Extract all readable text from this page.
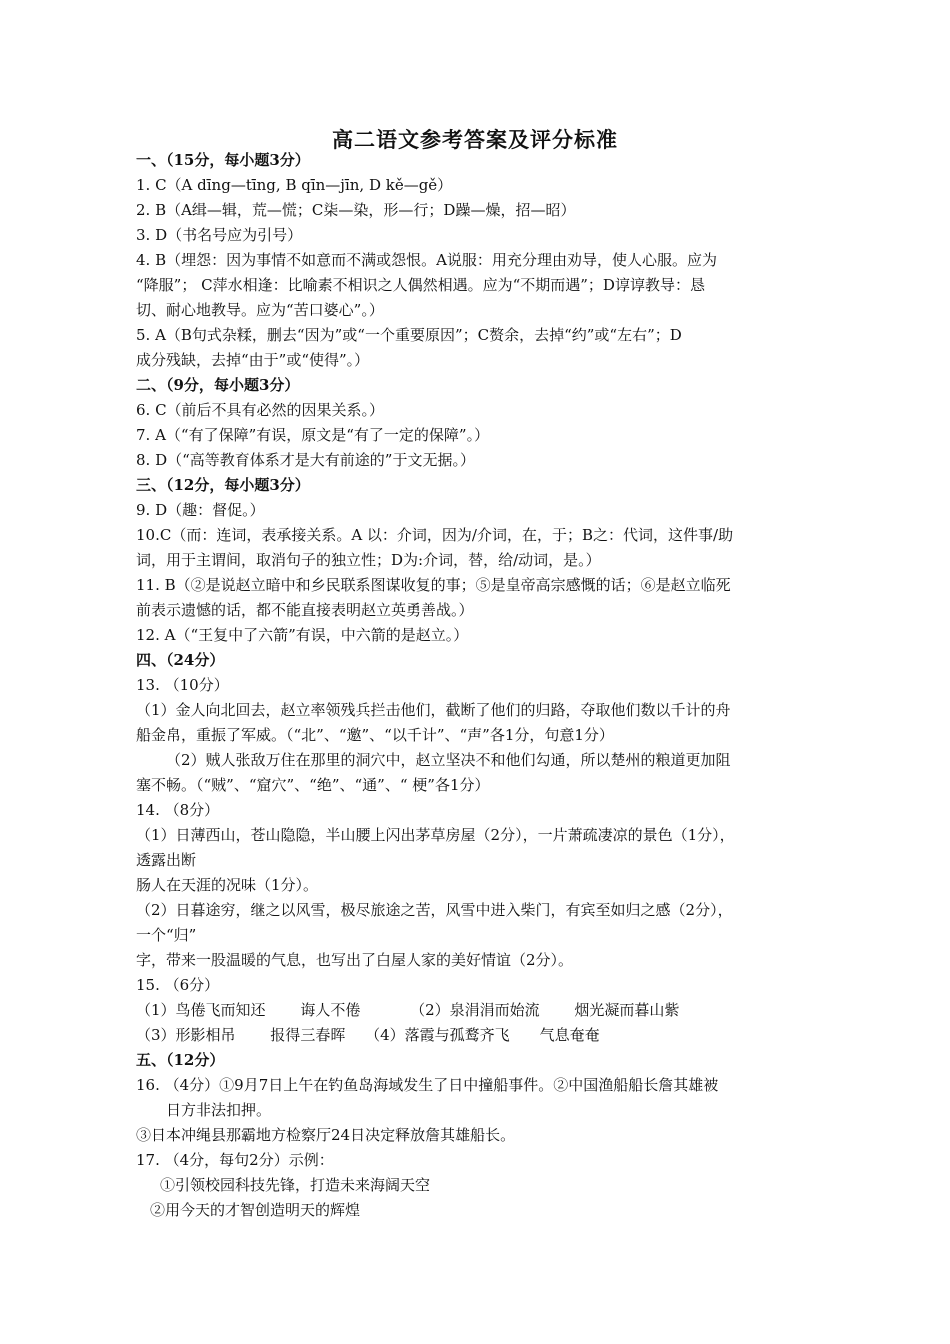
高二语文参考答案及评分标准
一、（15分，每小题3分）
1. C（A dīng—tīng, B qīn—jīn, D kě—gě）
2. B（A缉—辑，荒—慌；C柒—染，形—行；D躁—燥，招—昭）
3. D（书名号应为引号）
4. B（埋怨：因为事情不如意而不满或怨恨。A说服：用充分理由劝导，使人心服。应为
“降服”； C萍水相逢：比喻素不相识之人偶然相遇。应为“不期而遇”；D谆谆教导：恳
切、耐心地教导。应为“苦口婆心”。）
5. A（B句式杂糅，删去“因为”或“一个重要原因”；C赘余，去掉“约”或“左右”；D
成分残缺，去掉“由于”或“使得”。）
二、（9分，每小题3分）
6. C（前后不具有必然的因果关系。）
7. A（“有了保障”有误，原文是“有了一定的保障”。）
8. D（“高等教育体系才是大有前途的”于文无据。）
三、（12分，每小题3分）
9. D（趣：督促。）
10.C（而：连词，表承接关系。A 以：介词，因为/介词，在，于；B之：代词，这件事/助
词，用于主谓间，取消句子的独立性；D为:介词，替，给/动词，是。）
11. B（②是说赵立暗中和乡民联系图谋收复的事；⑤是皇帝高宗感慨的话；⑥是赵立临死
前表示遗憾的话，都不能直接表明赵立英勇善战。）
12. A（“王复中了六箭”有误，中六箭的是赵立。）
四、（24分）
13. （10分）
（1）金人向北回去，赵立率领残兵拦击他们，截断了他们的归路，夺取他们数以千计的舟
船金帛，重振了军威。（“北”、“邀”、“以千计”、“声”各1分，句意1分）
（2）贼人张敌万住在那里的洞穴中，赵立坚决不和他们勾通，所以楚州的粮道更加阻
塞不畅。（“贼”、“窟穴”、“绝”、“通”、“ 梗”各1分）
14. （8分）
（1）日薄西山，苍山隐隐，半山腰上闪出茅草房屋（2分），一片萧疏凄凉的景色（1分），
透露出断
肠人在天涯的况味（1分）。
（2）日暮途穷，继之以风雪，极尽旅途之苦，风雪中进入柴门，有宾至如归之感（2分），
一个“归”
字，带来一股温暖的气息，也写出了白屋人家的美好情谊（2分）。
15. （6分）
（1）鸟倦飞而知还　　 诲人不倦　　　 （2）泉涓涓而始流　　 烟光凝而暮山紫
（3）形影相吊　　 报得三春晖　 （4）落霞与孤鹜齐飞　　气息奄奄
五、（12分）
16. （4分）①9月7日上午在钓鱼岛海域发生了日中撞船事件。②中国渔船船长詹其雄被
日方非法扣押。
③日本冲绳县那霸地方检察厅24日决定释放詹其雄船长。
17. （4分，每句2分）示例：
①引领校园科技先锋，打造未来海阔天空
②用今天的才智创造明天的辉煌
